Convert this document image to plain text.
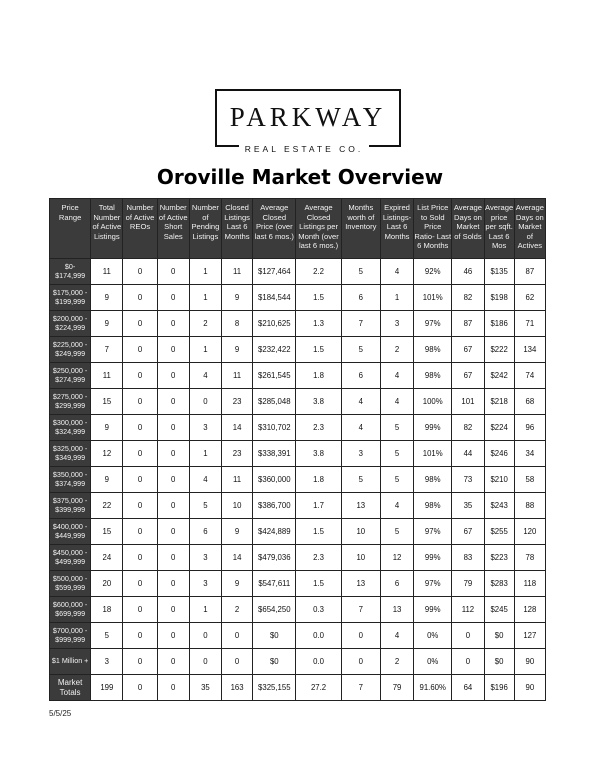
PARKWAY
REAL ESTATE CO.
Oroville Market Overview
Price Range	Total Number of Active Listings	Number of Active REOs	Number of Active Short Sales	Number of Pending Listings	Closed Listings Last 6 Months	Average Closed Price (over last 6 mos.)	Average Closed Listings per Month (over last 6 mos.)	Months worth of Inventory	Expired Listings- Last 6 Months	List Price to Sold Price Ratio- Last 6 Months	Average Days on Market of Solds	Average price per sqft. Last 6 Mos	Average Days on Market of Actives
$0- $174,999	11	0	0	1	11	$127,464	2.2	5	4	92%	46	$135	87
$175,000 - $199,999	9	0	0	1	9	$184,544	1.5	6	1	101%	82	$198	62
$200,000 - $224,999	9	0	0	2	8	$210,625	1.3	7	3	97%	87	$186	71
$225,000 - $249,999	7	0	0	1	9	$232,422	1.5	5	2	98%	67	$222	134
$250,000 - $274,999	11	0	0	4	11	$261,545	1.8	6	4	98%	67	$242	74
$275,000 - $299,999	15	0	0	0	23	$285,048	3.8	4	4	100%	101	$218	68
$300,000 - $324,999	9	0	0	3	14	$310,702	2.3	4	5	99%	82	$224	96
$325,000 - $349,999	12	0	0	1	23	$338,391	3.8	3	5	101%	44	$246	34
$350,000 - $374,999	9	0	0	4	11	$360,000	1.8	5	5	98%	73	$210	58
$375,000 - $399,999	22	0	0	5	10	$386,700	1.7	13	4	98%	35	$243	88
$400,000 - $449,999	15	0	0	6	9	$424,889	1.5	10	5	97%	67	$255	120
$450,000 - $499,999	24	0	0	3	14	$479,036	2.3	10	12	99%	83	$223	78
$500,000 - $599,999	20	0	0	3	9	$547,611	1.5	13	6	97%	79	$283	118
$600,000 - $699,999	18	0	0	1	2	$654,250	0.3	7	13	99%	112	$245	128
$700,000 - $999,999	5	0	0	0	0	$0	0.0	0	4	0%	0	$0	127
$1 Million +	3	0	0	0	0	$0	0.0	0	2	0%	0	$0	90
Market Totals	199	0	0	35	163	$325,155	27.2	7	79	91.60%	64	$196	90
5/5/25
